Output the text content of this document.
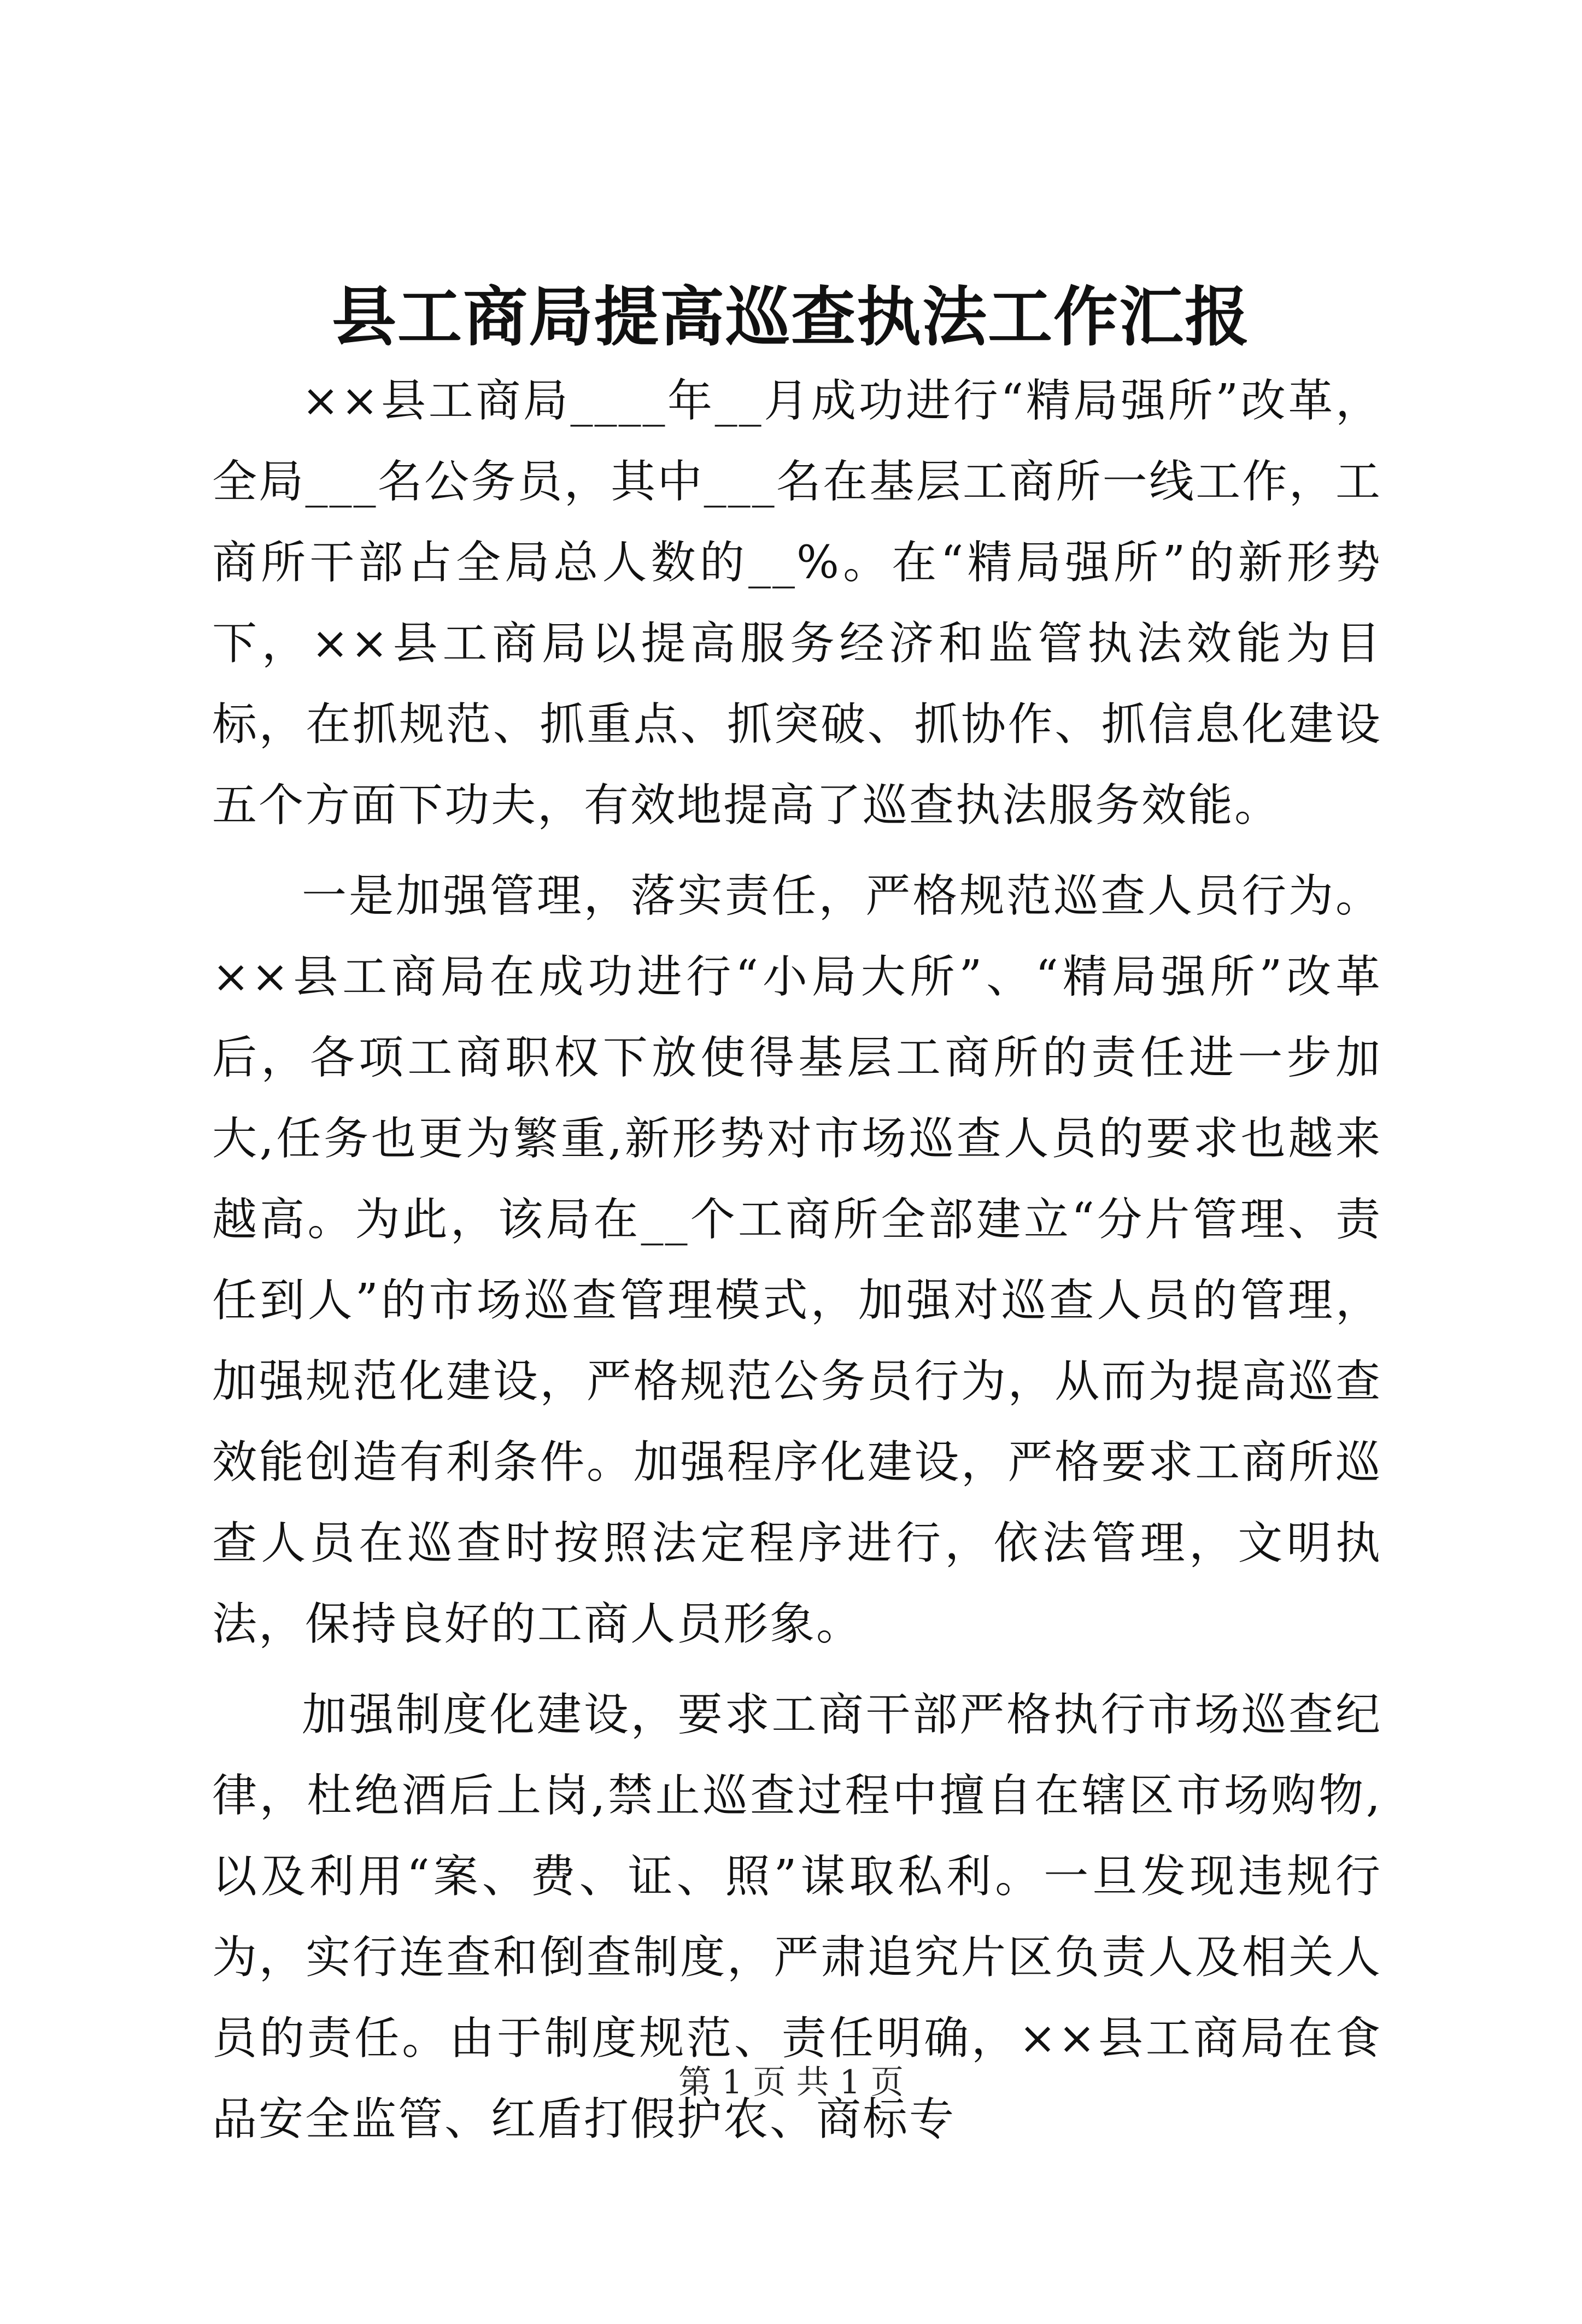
县工商局提高巡查执法工作汇报

××县工商局____年__月成功进行“精局强所”改革，全局___名公务员，其中___名在基层工商所一线工作，工商所干部占全局总人数的__%。在“精局强所”的新形势下，××县工商局以提高服务经济和监管执法效能为目标，在抓规范、抓重点、抓突破、抓协作、抓信息化建设五个方面下功夫，有效地提高了巡查执法服务效能。

一是加强管理，落实责任，严格规范巡查人员行为。××县工商局在成功进行“小局大所”、“精局强所”改革后，各项工商职权下放使得基层工商所的责任进一步加大,任务也更为繁重,新形势对市场巡查人员的要求也越来越高。为此，该局在__个工商所全部建立“分片管理、责任到人”的市场巡查管理模式，加强对巡查人员的管理，加强规范化建设，严格规范公务员行为，从而为提高巡查效能创造有利条件。加强程序化建设，严格要求工商所巡查人员在巡查时按照法定程序进行，依法管理，文明执法，保持良好的工商人员形象。

加强制度化建设，要求工商干部严格执行市场巡查纪律，杜绝酒后上岗,禁止巡查过程中擅自在辖区市场购物,以及利用“案、费、证、照”谋取私利。一旦发现违规行为，实行连查和倒查制度，严肃追究片区负责人及相关人员的责任。由于制度规范、责任明确，××县工商局在食品安全监管、红盾打假护农、商标专

第 1 页 共 1 页
